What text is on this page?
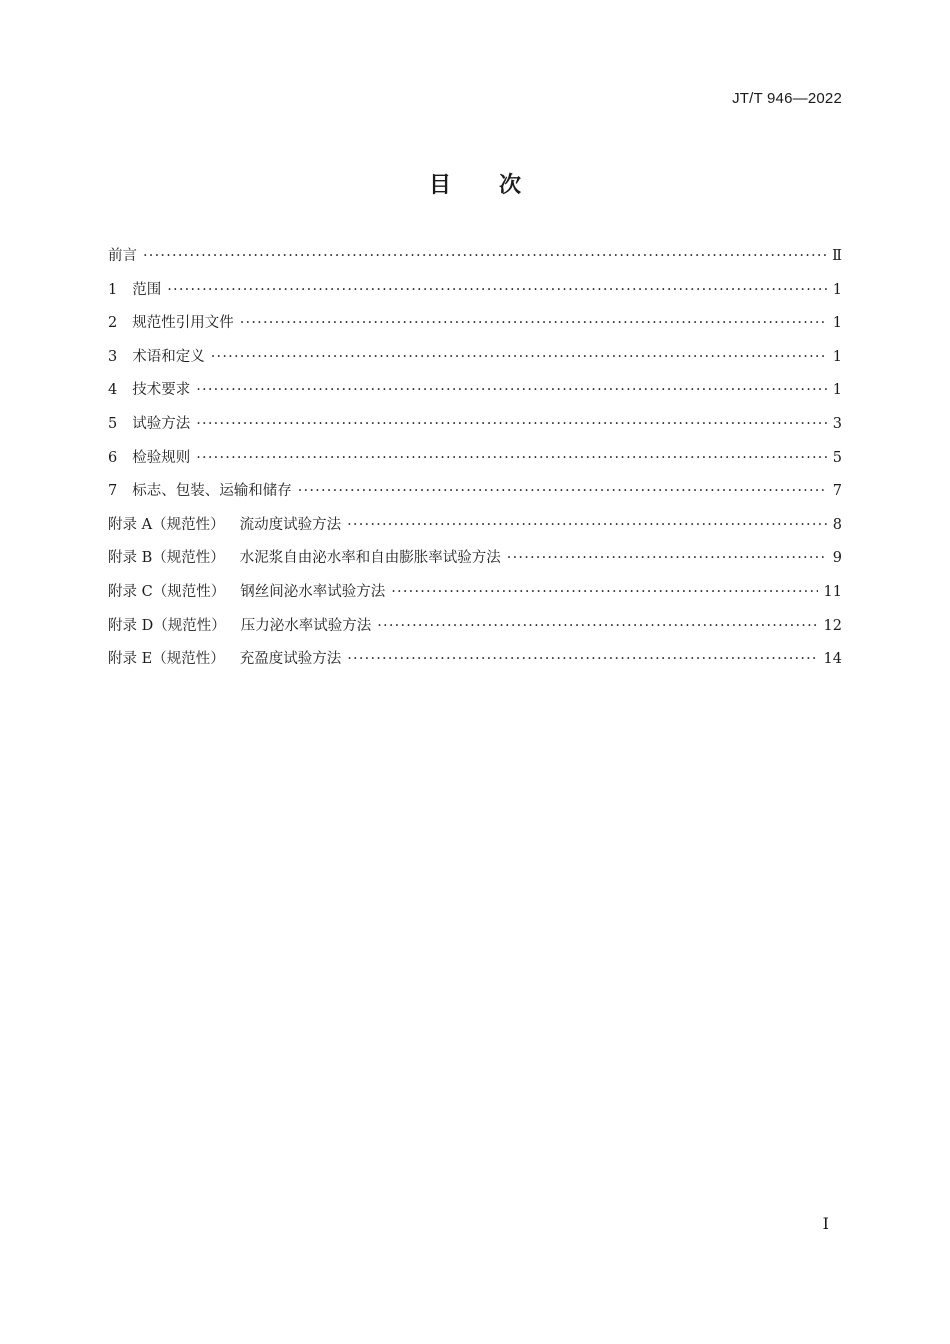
JT/T 946—2022
目次
前言 ·····	Ⅱ
1 范围 ·····	1
2 规范性引用文件 ·····	1
3 术语和定义 ·····	1
4 技术要求 ·····	1
5 试验方法 ·····	3
6 检验规则 ·····	5
7 标志、包装、运输和储存 ·····	7
附录 A（规范性） 流动度试验方法 ·····	8
附录 B（规范性） 水泥浆自由泌水率和自由膨胀率试验方法 ·····	9
附录 C（规范性） 钢丝间泌水率试验方法 ·····	11
附录 D（规范性） 压力泌水率试验方法 ·····	12
附录 E（规范性） 充盈度试验方法 ·····	14
Ⅰ
